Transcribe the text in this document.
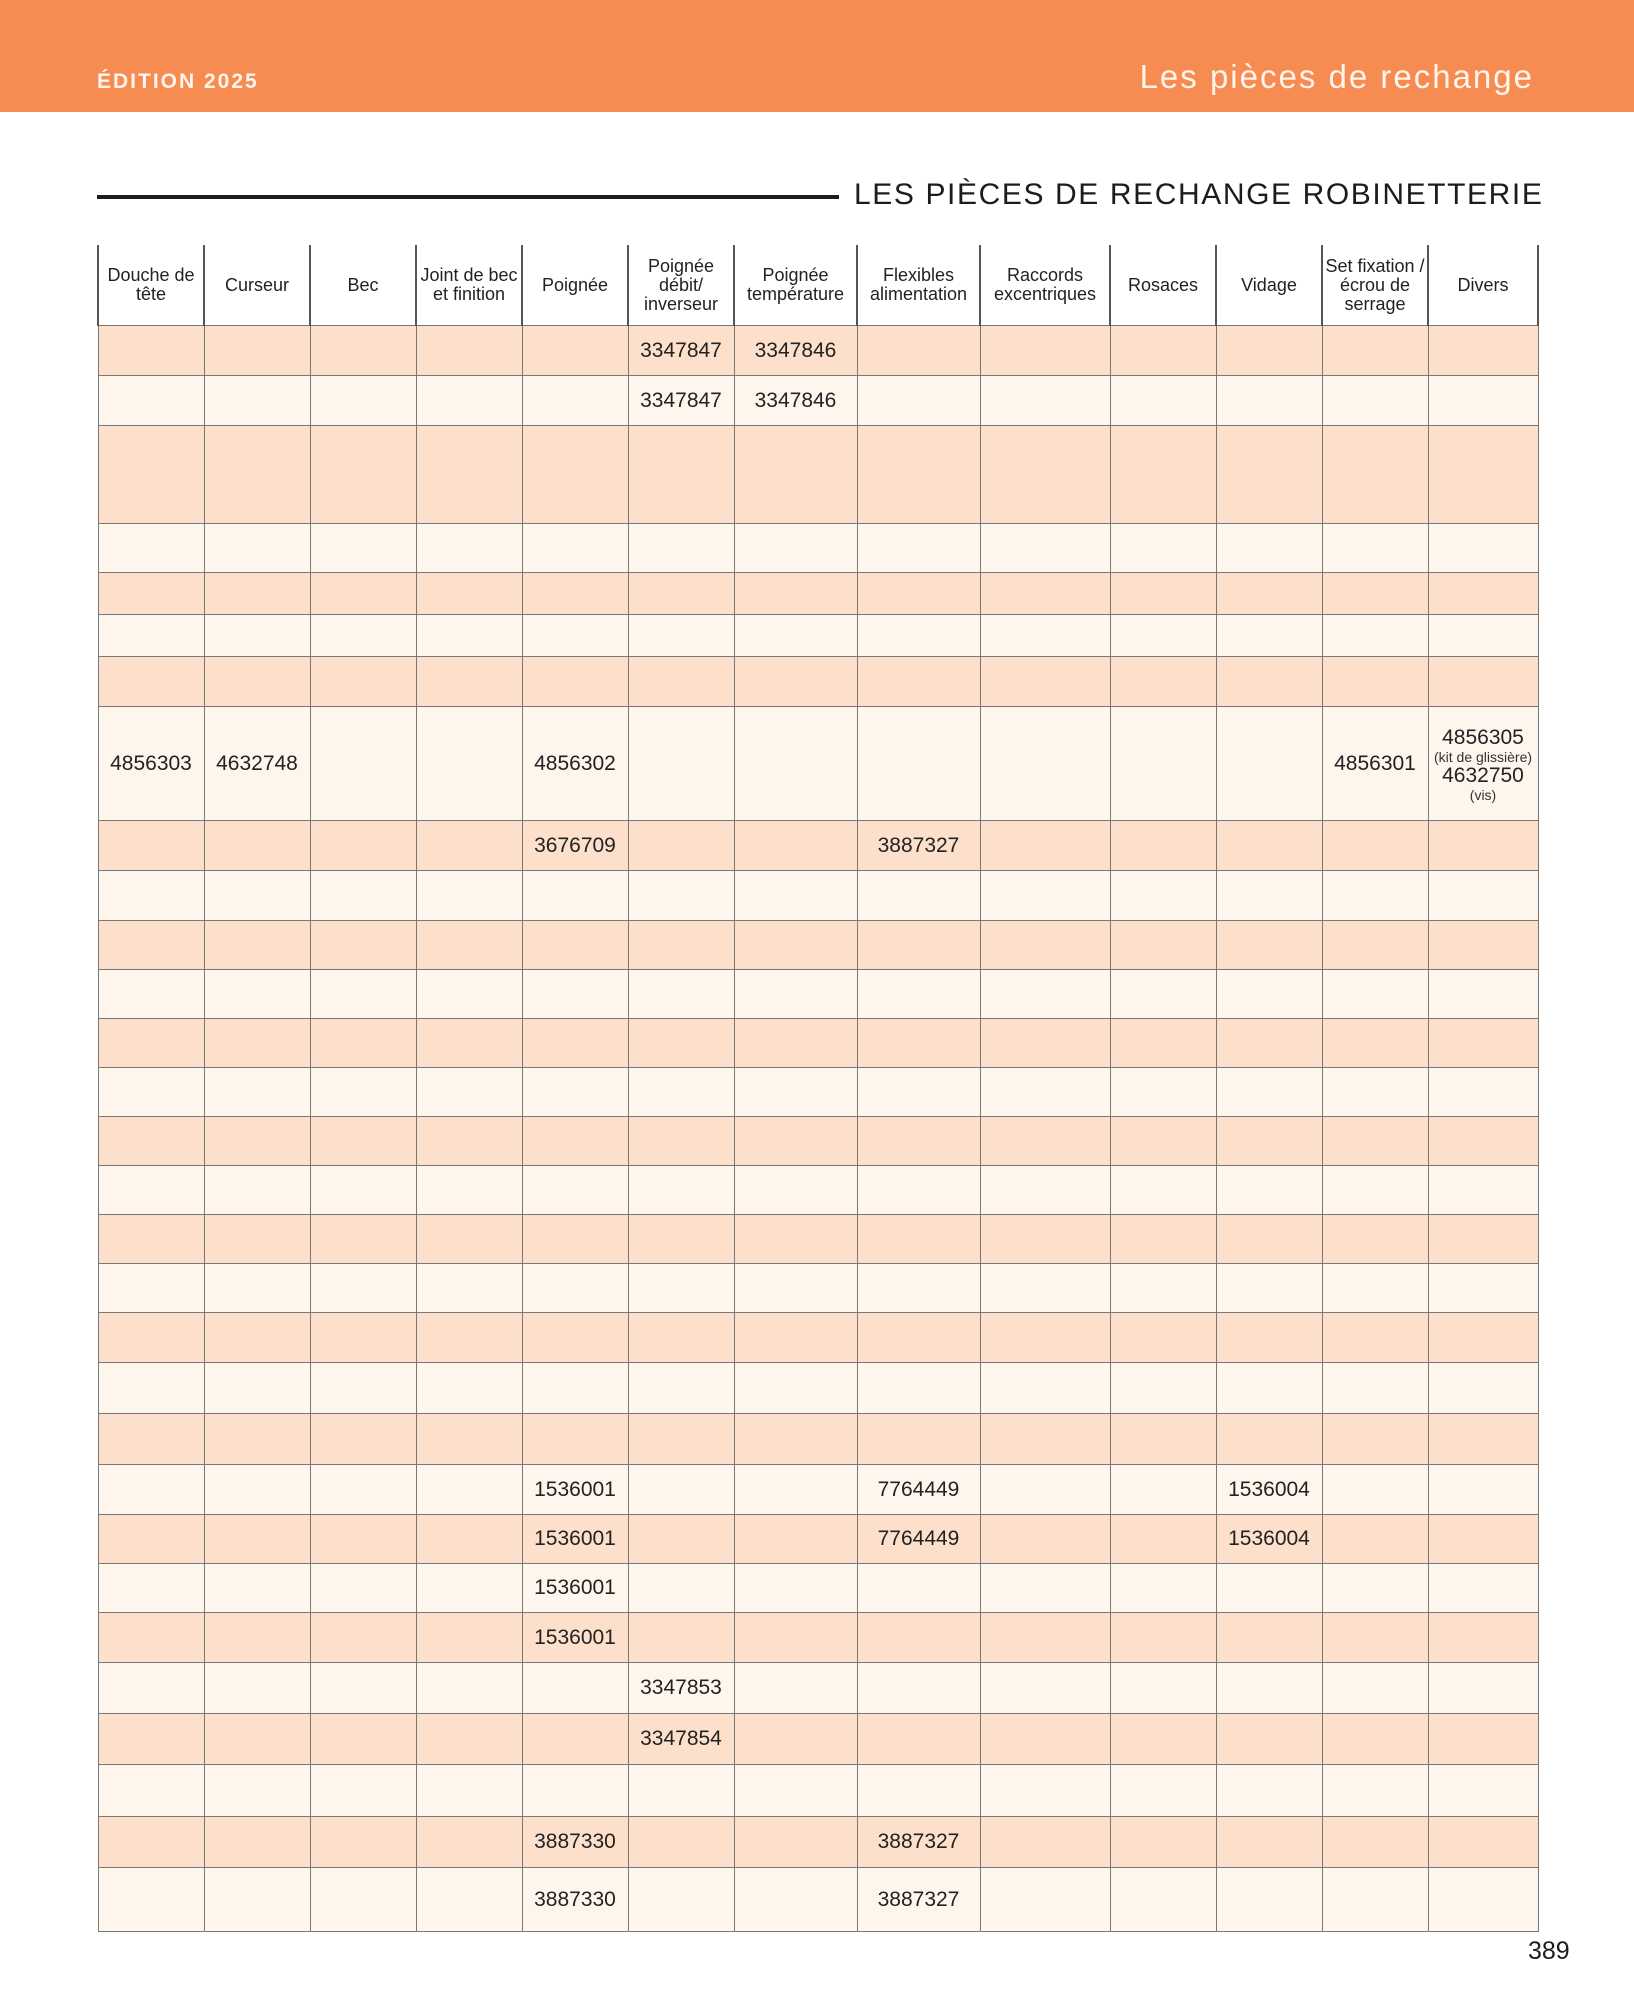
ÉDITION 2025	Les pièces de rechange
LES PIÈCES DE RECHANGE ROBINETTERIE
Douche de tête	Curseur	Bec	Joint de bec et finition	Poignée	Poignée débit/ inverseur	Poignée température	Flexibles alimentation	Raccords excentriques	Rosaces	Vidage	Set fixation /écrou de serrage	Divers
					3347847	3347846						
					3347847	3347846						

4856303	4632748			4856302							4856301	4856305
(kit de glissière)
4632750
(vis)

				3676709			3887327					

				1536001			7764449			1536004		
				1536001			7764449			1536004		
				1536001								
				1536001								
					3347853							
					3347854							

				3887330			3887327					
				3887330			3887327					
389
